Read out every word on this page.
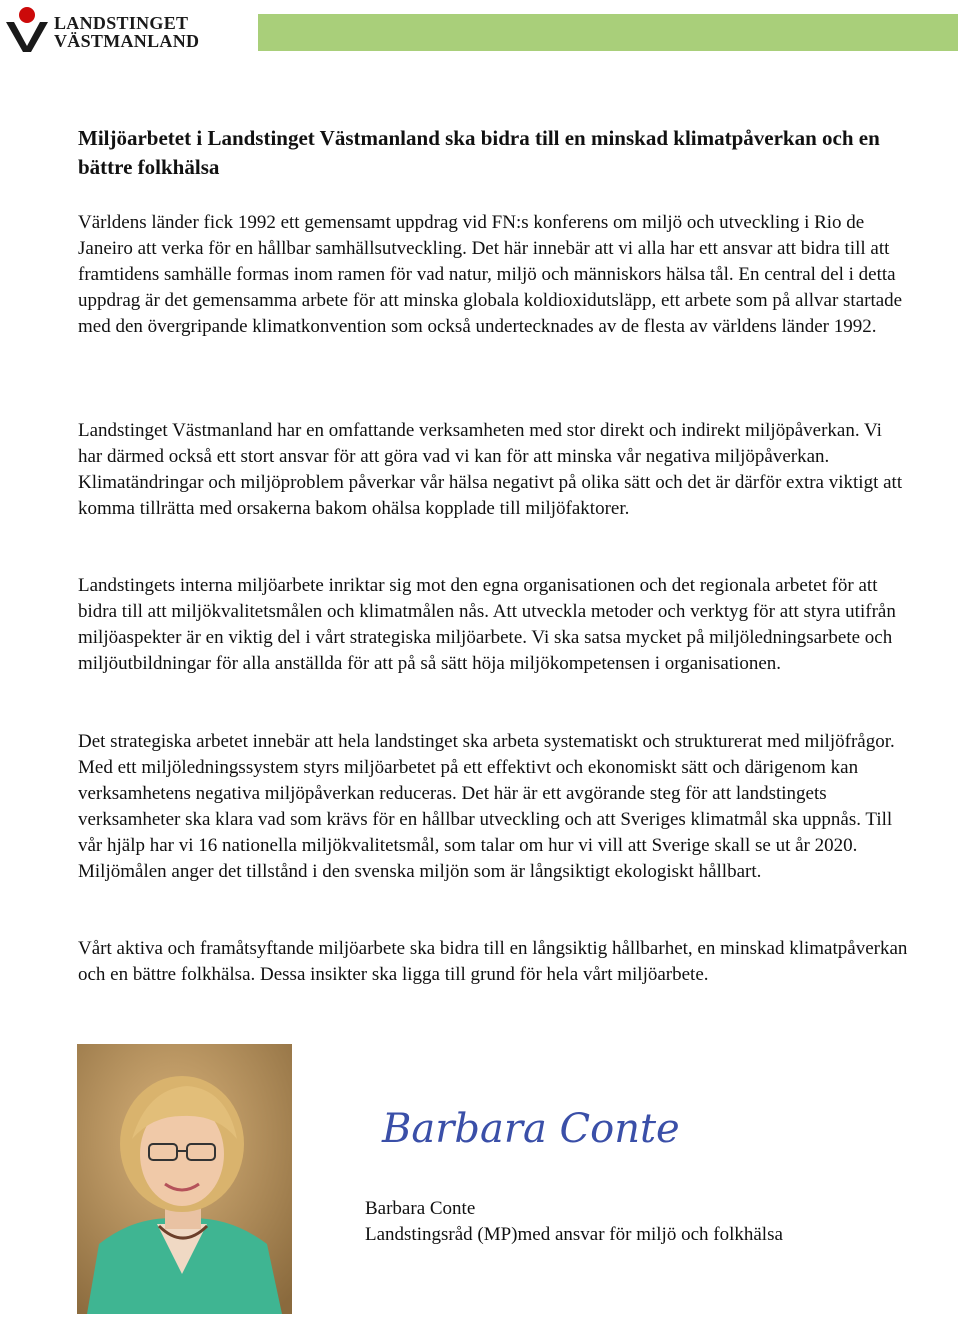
LANDSTINGET
VÄSTMANLAND
Miljöarbetet i Landstinget Västmanland ska bidra till en minskad klimatpåverkan och en bättre folkhälsa

Världens länder fick 1992 ett gemensamt uppdrag vid FN:s konferens om miljö och utveckling i Rio de Janeiro att verka för en hållbar samhällsutveckling. Det här innebär att vi alla har ett ansvar att bidra till att framtidens samhälle formas inom ramen för vad natur, miljö och människors hälsa tål. En central del i detta uppdrag är det gemensamma arbete för att minska globala koldioxidutsläpp, ett arbete som på allvar startade med den övergripande klimatkonvention som också undertecknades av de flesta av världens länder 1992.

Landstinget Västmanland har en omfattande verksamheten med stor direkt och indirekt miljöpåverkan. Vi har därmed också ett stort ansvar för att göra vad vi kan för att minska vår negativa miljöpåverkan. Klimatändringar och miljöproblem påverkar vår hälsa negativt på olika sätt och det är därför extra viktigt att komma tillrätta med orsakerna bakom ohälsa kopplade till miljöfaktorer.

Landstingets interna miljöarbete inriktar sig mot den egna organisationen och det regionala arbetet för att bidra till att miljökvalitetsmålen och klimatmålen nås. Att utveckla metoder och verktyg för att styra utifrån miljöaspekter är en viktig del i vårt strategiska miljöarbete. Vi ska satsa mycket på miljöledningsarbete och miljöutbildningar för alla anställda för att på så sätt höja miljökompetensen i organisationen.

Det strategiska arbetet innebär att hela landstinget ska arbeta systematiskt och strukturerat med miljöfrågor. Med ett miljöledningssystem styrs miljöarbetet på ett effektivt och ekonomiskt sätt och därigenom kan verksamhetens negativa miljöpåverkan reduceras. Det här är ett avgörande steg för att landstingets verksamheter ska klara vad som krävs för en hållbar utveckling och att Sveriges klimatmål ska uppnås. Till vår hjälp har vi 16 nationella miljökvalitetsmål, som talar om hur vi vill att Sverige skall se ut år 2020. Miljömålen anger det tillstånd i den svenska miljön som är långsiktigt ekologiskt hållbart.

Vårt aktiva och framåtsyftande miljöarbete ska bidra till en långsiktig hållbarhet, en minskad klimatpåverkan och en bättre folkhälsa. Dessa insikter ska ligga till grund för hela vårt miljöarbete.

Barbara Conte
Barbara Conte
Landstingsråd (MP)med ansvar för miljö och folkhälsa
